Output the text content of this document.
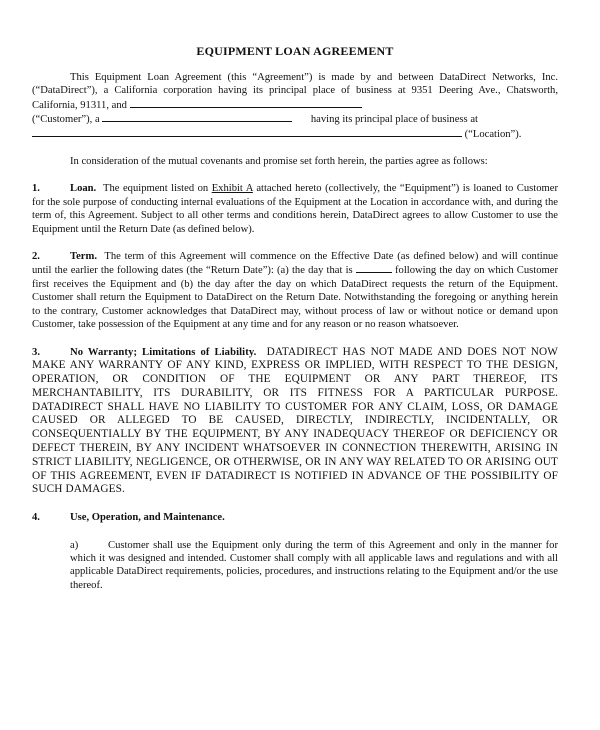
EQUIPMENT LOAN AGREEMENT

This Equipment Loan Agreement (this “Agreement”) is made by and between DataDirect Networks, Inc. (“DataDirect”), a California corporation having its principal place of business at 9351 Deering Ave., Chatsworth, California, 91311, and

(“Customer”), a	having its principal place of business at

(“Location”).

In consideration of the mutual covenants and promise set forth herein, the parties agree as follows:

1.	Loan. The equipment listed on Exhibit A attached hereto (collectively, the “Equipment”) is loaned to Customer for the sole purpose of conducting internal evaluations of the Equipment at the Location in accordance with, and during the term of, this Agreement. Subject to all other terms and conditions herein, DataDirect agrees to allow Customer to use the Equipment until the Return Date (as defined below).

2.	Term. The term of this Agreement will commence on the Effective Date (as defined below) and will continue until the earlier the following dates (the “Return Date”): (a) the day that is	following the day on which Customer first receives the Equipment and (b) the day after the day on which DataDirect requests the return of the Equipment. Customer shall return the Equipment to DataDirect on the Return Date. Notwithstanding the foregoing or anything herein to the contrary, Customer acknowledges that DataDirect may, without process of law or without notice or demand upon Customer, take possession of the Equipment at any time and for any reason or no reason whatsoever.

3.	No Warranty; Limitations of Liability. DATADIRECT HAS NOT MADE AND DOES NOT NOW MAKE ANY WARRANTY OF ANY KIND, EXPRESS OR IMPLIED, WITH RESPECT TO THE DESIGN, OPERATION, OR CONDITION OF THE EQUIPMENT OR ANY PART THEREOF, ITS MERCHANTABILITY, ITS DURABILITY, OR ITS FITNESS FOR A PARTICULAR PURPOSE. DATADIRECT SHALL HAVE NO LIABILITY TO CUSTOMER FOR ANY CLAIM, LOSS, OR DAMAGE CAUSED OR ALLEGED TO BE CAUSED, DIRECTLY, INDIRECTLY, INCIDENTALLY, OR CONSEQUENTIALLY BY THE EQUIPMENT, BY ANY INADEQUACY THEREOF OR DEFICIENCY OR DEFECT THEREIN, BY ANY INCIDENT WHATSOEVER IN CONNECTION THEREWITH, ARISING IN STRICT LIABILITY, NEGLIGENCE, OR OTHERWISE, OR IN ANY WAY RELATED TO OR ARISING OUT OF THIS AGREEMENT, EVEN IF DATADIRECT IS NOTIFIED IN ADVANCE OF THE POSSIBILITY OF SUCH DAMAGES.

4.	Use, Operation, and Maintenance.

a)	Customer shall use the Equipment only during the term of this Agreement and only in the manner for which it was designed and intended. Customer shall comply with all applicable laws and regulations and with all applicable DataDirect requirements, policies, procedures, and instructions relating to the Equipment and/or the use thereof.
